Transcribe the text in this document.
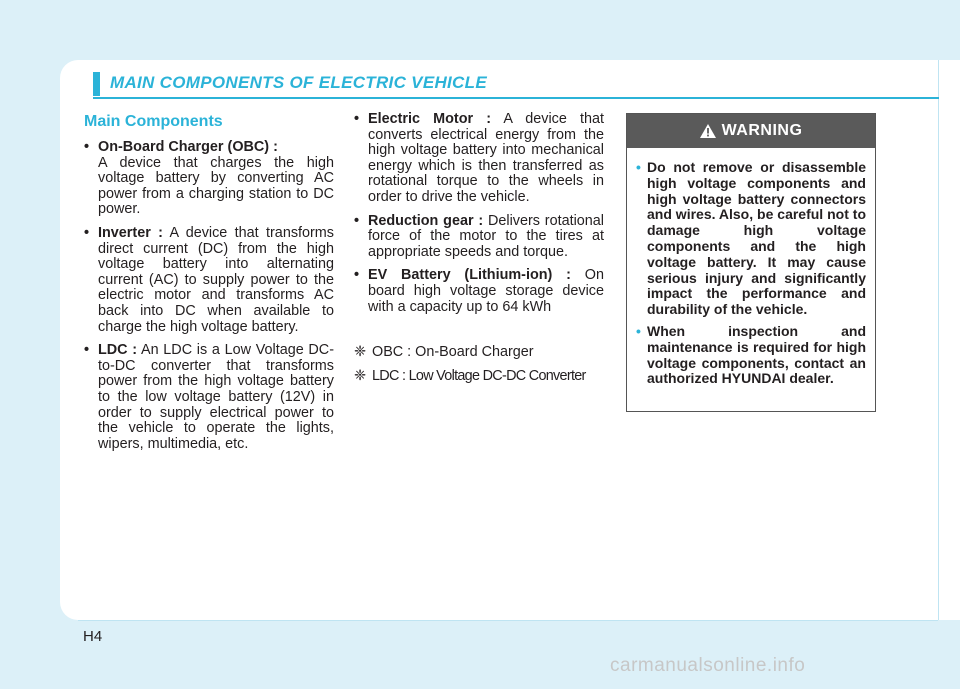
MAIN COMPONENTS OF ELECTRIC VEHICLE
Main Components
• On-Board Charger (OBC) :
A device that charges the high voltage battery by converting AC power from a charging station to DC power.
• Inverter : A device that transforms direct current (DC) from the high voltage battery into alternating current (AC) to supply power to the electric motor and transforms AC back into DC when available to charge the high voltage battery.
• LDC : An LDC is a Low Voltage DC-to-DC converter that transforms power from the high voltage battery to the low voltage battery (12V) in order to supply electrical power to the vehicle to operate the lights, wipers, multimedia, etc.
• Electric Motor : A device that converts electrical energy from the high voltage battery into mechanical energy which is then transferred as rotational torque to the wheels in order to drive the vehicle.
• Reduction gear : Delivers rotational force of the motor to the tires at appropriate speeds and torque.
• EV Battery (Lithium-ion) : On board high voltage storage device with a capacity up to 64 kWh
❈ OBC : On-Board Charger
❈ LDC : Low Voltage DC-DC Converter
WARNING
• Do not remove or disassemble high voltage components and high voltage battery connectors and wires. Also, be careful not to damage high voltage components and the high voltage battery. It may cause serious injury and significantly impact the performance and durability of the vehicle.
• When inspection and maintenance is required for high voltage components, contact an authorized HYUNDAI dealer.
H4
carmanualsonline.info
